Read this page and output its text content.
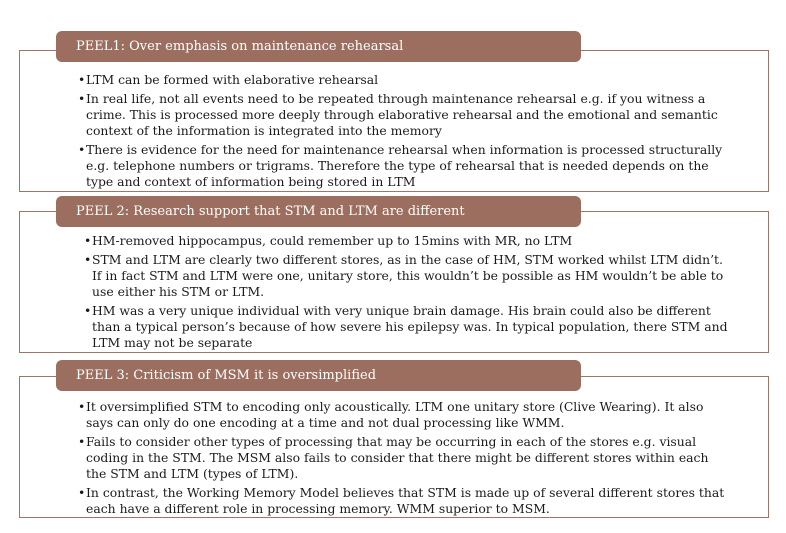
PEEL1: Over emphasis on maintenance rehearsal
• LTM can be formed with elaborative rehearsal
• In real life, not all events need to be repeated through maintenance rehearsal e.g. if you witness a crime. This is processed more deeply through elaborative rehearsal and the emotional and semantic context of the information is integrated into the memory
• There is evidence for the need for maintenance rehearsal when information is processed structurally e.g. telephone numbers or trigrams. Therefore the type of rehearsal that is needed depends on the type and context of information being stored in LTM
PEEL 2: Research support that STM and LTM are different
• HM-removed hippocampus, could remember up to 15mins with MR, no LTM
• STM and LTM are clearly two different stores, as in the case of HM, STM worked whilst LTM didn’t. If in fact STM and LTM were one, unitary store, this wouldn’t be possible as HM wouldn’t be able to use either his STM or LTM.
• HM was a very unique individual with very unique brain damage. His brain could also be different than a typical person’s because of how severe his epilepsy was. In typical population, there STM and LTM may not be separate
PEEL 3: Criticism of MSM it is oversimplified
• It oversimplified STM to encoding only acoustically. LTM one unitary store (Clive Wearing). It also says can only do one encoding at a time and not dual processing like WMM.
• Fails to consider other types of processing that may be occurring in each of the stores e.g. visual coding in the STM. The MSM also fails to consider that there might be different stores within each the STM and LTM (types of LTM).
• In contrast, the Working Memory Model believes that STM is made up of several different stores that each have a different role in processing memory. WMM superior to MSM.
